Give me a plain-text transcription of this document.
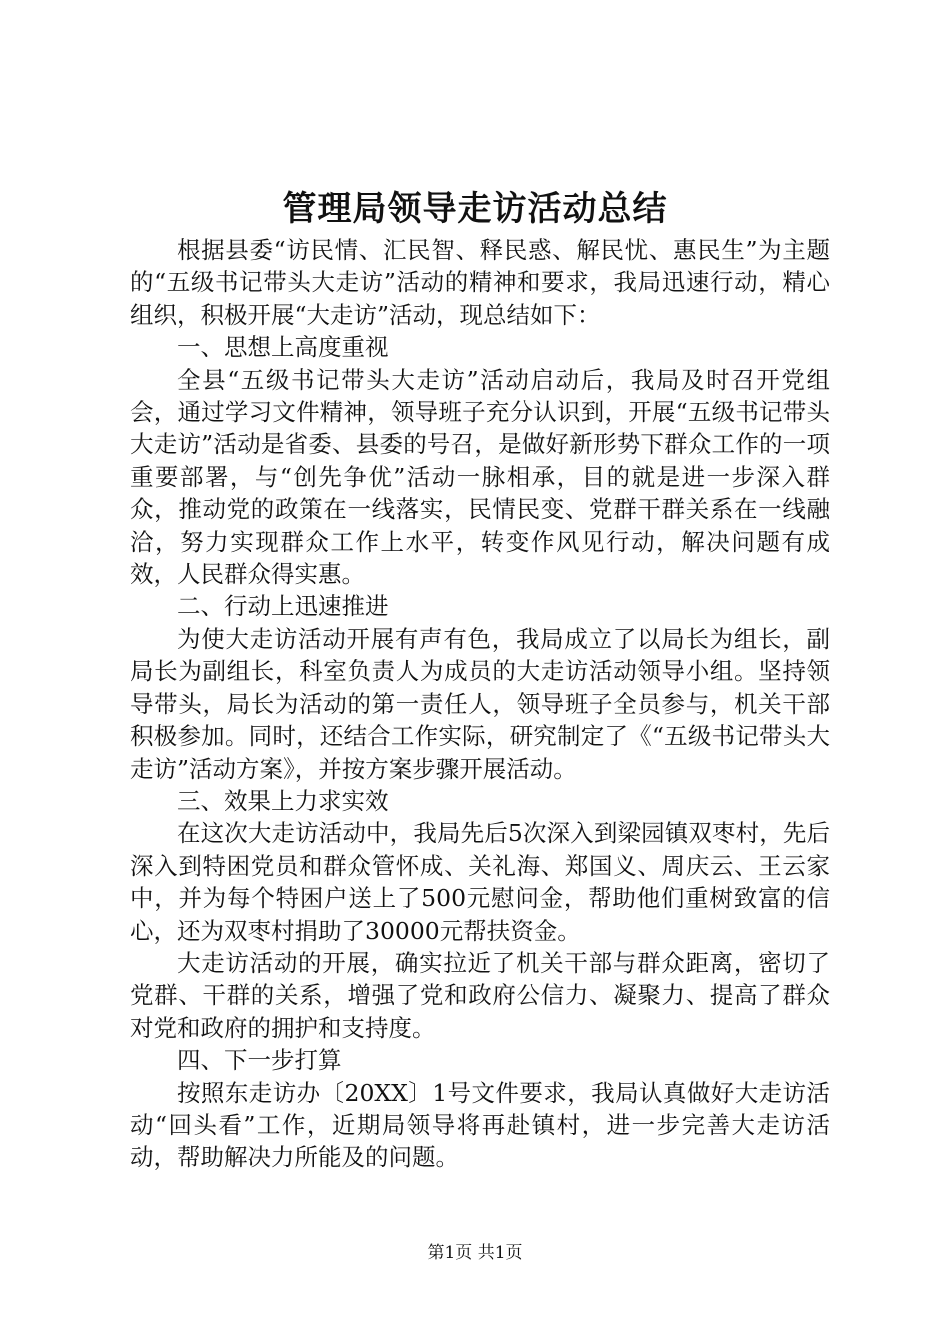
管理局领导走访活动总结

根据县委“访民情、汇民智、释民惑、解民忧、惠民生”为主题的“五级书记带头大走访”活动的精神和要求，我局迅速行动，精心组织，积极开展“大走访”活动，现总结如下：

一、思想上高度重视

全县“五级书记带头大走访”活动启动后，我局及时召开党组会，通过学习文件精神，领导班子充分认识到，开展“五级书记带头大走访”活动是省委、县委的号召，是做好新形势下群众工作的一项重要部署，与“创先争优”活动一脉相承，目的就是进一步深入群众，推动党的政策在一线落实，民情民变、党群干群关系在一线融洽，努力实现群众工作上水平，转变作风见行动，解决问题有成效，人民群众得实惠。

二、行动上迅速推进

为使大走访活动开展有声有色，我局成立了以局长为组长，副局长为副组长，科室负责人为成员的大走访活动领导小组。坚持领导带头，局长为活动的第一责任人，领导班子全员参与，机关干部积极参加。同时，还结合工作实际，研究制定了《“五级书记带头大走访”活动方案》，并按方案步骤开展活动。

三、效果上力求实效

在这次大走访活动中，我局先后5次深入到梁园镇双枣村，先后深入到特困党员和群众管怀成、关礼海、郑国义、周庆云、王云家中，并为每个特困户送上了500元慰问金，帮助他们重树致富的信心，还为双枣村捐助了30000元帮扶资金。

大走访活动的开展，确实拉近了机关干部与群众距离，密切了党群、干群的关系，增强了党和政府公信力、凝聚力、提高了群众对党和政府的拥护和支持度。

四、下一步打算

按照东走访办〔20XX〕1号文件要求，我局认真做好大走访活动“回头看”工作，近期局领导将再赴镇村，进一步完善大走访活动，帮助解决力所能及的问题。

第1页 共1页
